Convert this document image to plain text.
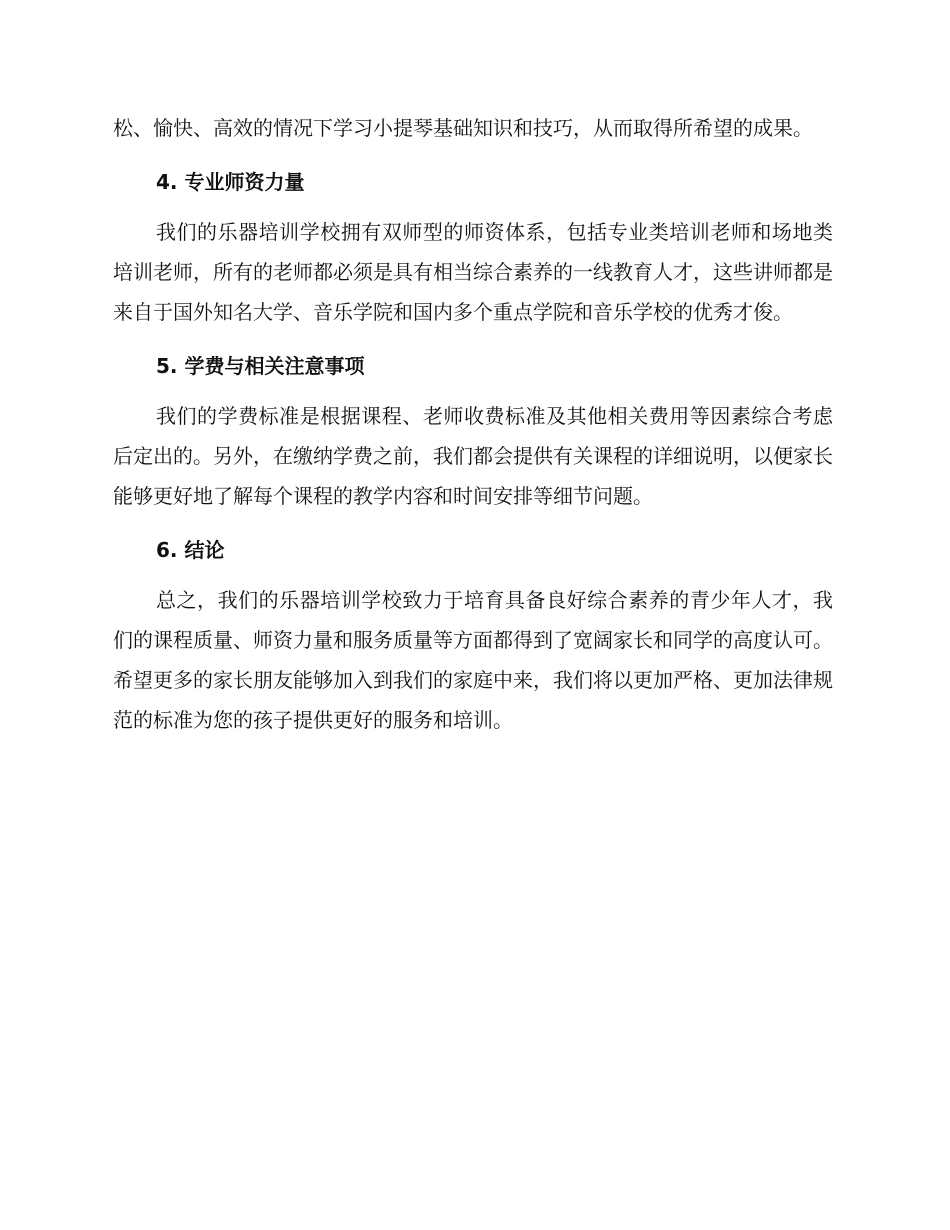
松、愉快、高效的情况下学习小提琴基础知识和技巧，从而取得所希望的成果。

4. 专业师资力量

我们的乐器培训学校拥有双师型的师资体系，包括专业类培训老师和场地类培训老师，所有的老师都必须是具有相当综合素养的一线教育人才，这些讲师都是来自于国外知名大学、音乐学院和国内多个重点学院和音乐学校的优秀才俊。

5. 学费与相关注意事项

我们的学费标准是根据课程、老师收费标准及其他相关费用等因素综合考虑后定出的。另外，在缴纳学费之前，我们都会提供有关课程的详细说明，以便家长能够更好地了解每个课程的教学内容和时间安排等细节问题。

6. 结论

总之，我们的乐器培训学校致力于培育具备良好综合素养的青少年人才，我们的课程质量、师资力量和服务质量等方面都得到了宽阔家长和同学的高度认可。希望更多的家长朋友能够加入到我们的家庭中来，我们将以更加严格、更加法律规范的标准为您的孩子提供更好的服务和培训。
